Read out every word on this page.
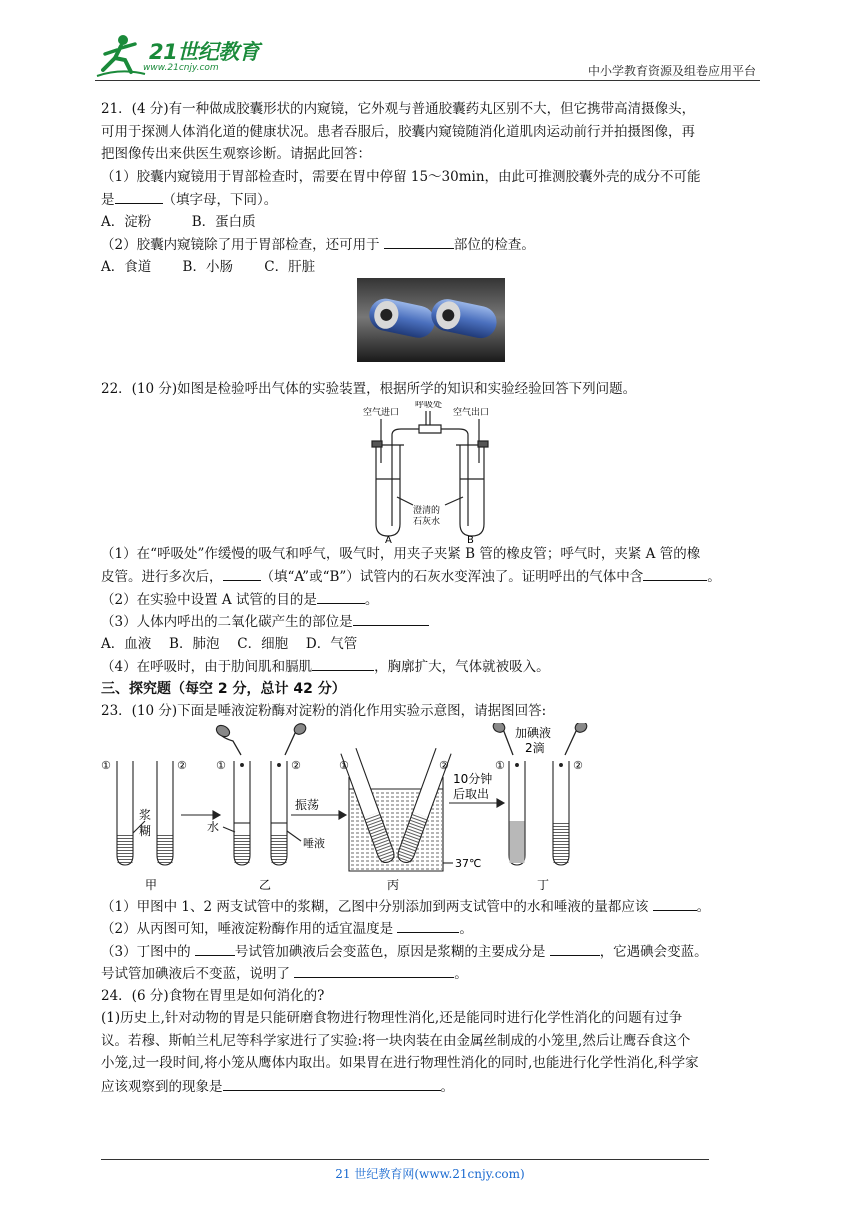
21世纪教育
www.21cnjy.com	中小学教育资源及组卷应用平台
21．(4 分)有一种做成胶囊形状的内窥镜，它外观与普通胶囊药丸区别不大，但它携带高清摄像头，
可用于探测人体消化道的健康状况。患者吞服后，胶囊内窥镜随消化道肌肉运动前行并拍摄图像，再
把图像传出来供医生观察诊断。请据此回答：
（1）胶囊内窥镜用于胃部检查时，需要在胃中停留 15～30min，由此可推测胶囊外壳的成分不可能
是	（填字母，下同）。
A．淀粉　　　B．蛋白质
（2）胶囊内窥镜除了用于胃部检查，还可用于	部位的检查。
A．食道　　 B．小肠　　 C．肝脏
22．(10 分)如图是检验呼出气体的实验装置，根据所学的知识和实验经验回答下列问题。
呼吸处
空气进口	空气出口
澄清的
石灰水
A	B
（1）在“呼吸处”作缓慢的吸气和呼气，吸气时，用夹子夹紧 B 管的橡皮管；呼气时，夹紧 A 管的橡
皮管。进行多次后，	（填“A”或“B”）试管内的石灰水变浑浊了。证明呼出的气体中含	。
（2）在实验中设置 A 试管的目的是	。
（3）人体内呼出的二氧化碳产生的部位是
A．血液　 B．肺泡　 C．细胞　 D．气管
（4）在呼吸时，由于肋间肌和膈肌	，胸廓扩大，气体就被吸入。
三、探究题（每空 2 分，总计 42 分）
23．(10 分)下面是唾液淀粉酶对淀粉的消化作用实验示意图，请据图回答:
①	②	①	②	①	②	①	②
浆
糊	水
唾液
振荡
10分钟
后取出
37℃
加碘液
2滴
甲	乙	丙	丁
（1）甲图中 1、2 两支试管中的浆糊，乙图中分别添加到两支试管中的水和唾液的量都应该	。
（2）从丙图可知，唾液淀粉酶作用的适宜温度是	。
（3）丁图中的	号试管加碘液后会变蓝色，原因是浆糊的主要成分是	，它遇碘会变蓝。
号试管加碘液后不变蓝，说明了	。
24．(6 分)食物在胃里是如何消化的?
(1)历史上,针对动物的胃是只能研磨食物进行物理性消化,还是能同时进行化学性消化的问题有过争
议。若穆、斯帕兰札尼等科学家进行了实验:将一块肉装在由金属丝制成的小笼里,然后让鹰吞食这个
小笼,过一段时间,将小笼从鹰体内取出。如果胃在进行物理性消化的同时,也能进行化学性消化,科学家
应该观察到的现象是	。
21 世纪教育网(www.21cnjy.com)
